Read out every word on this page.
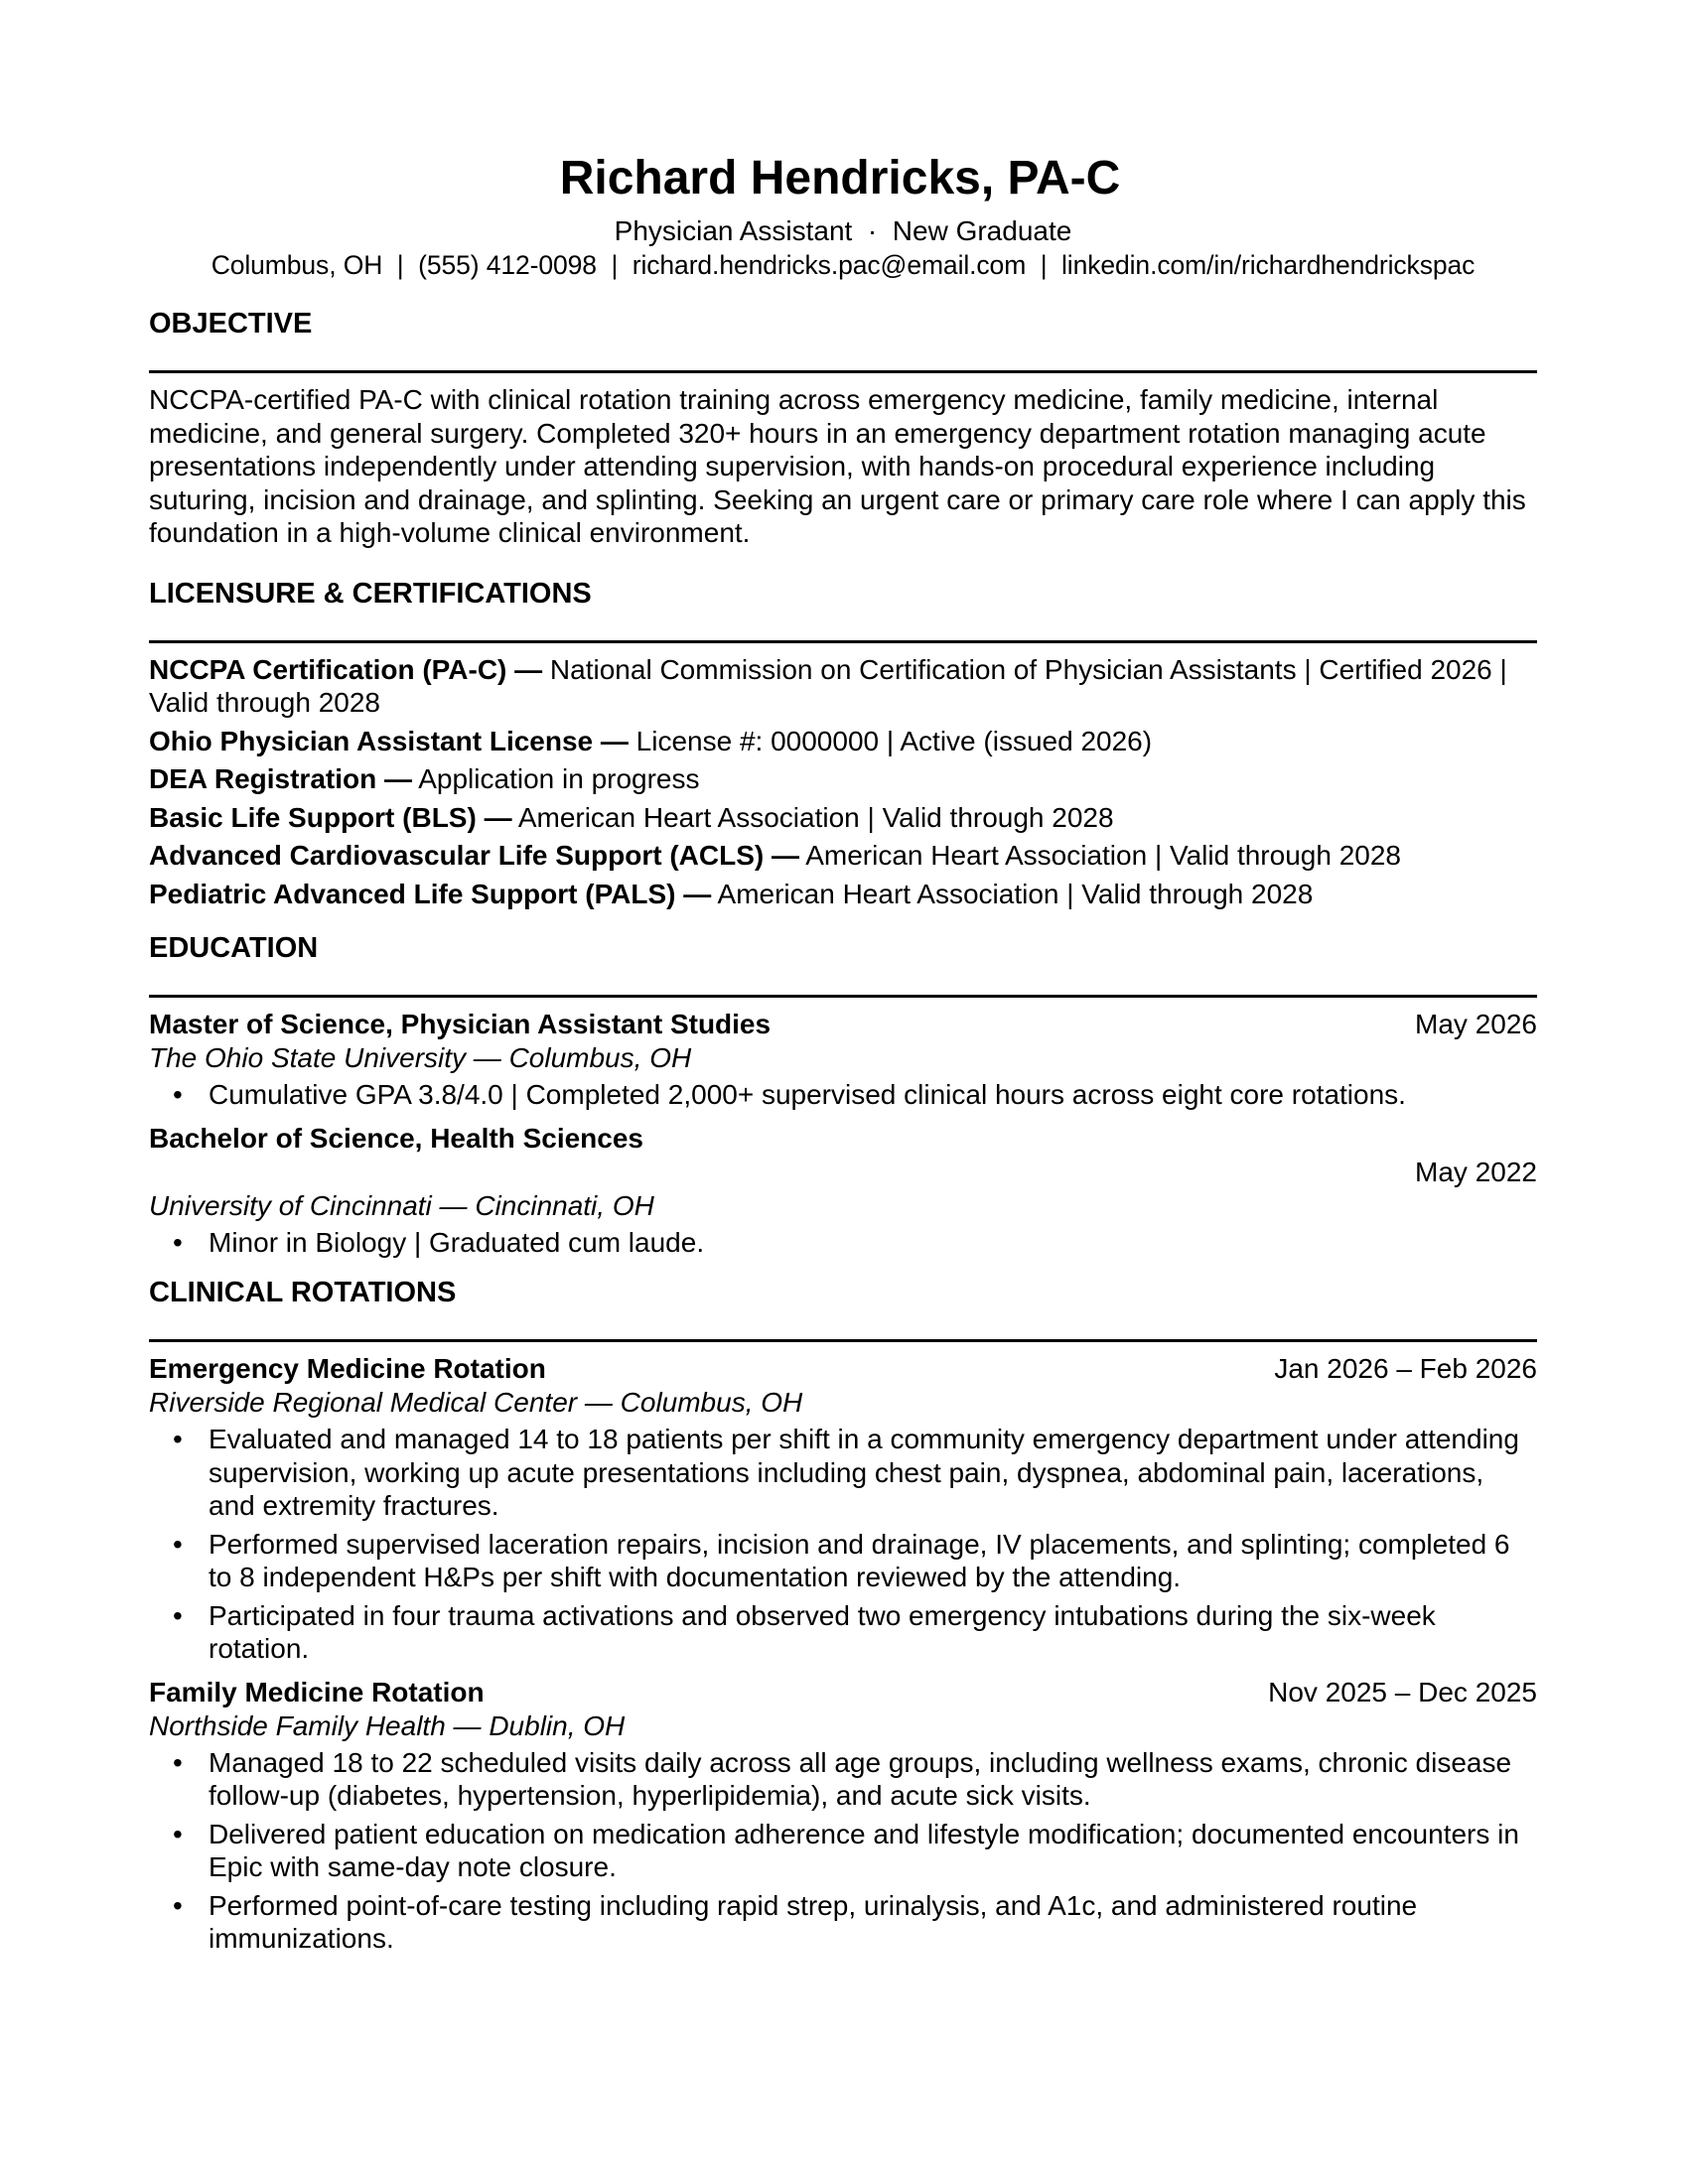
Richard Hendricks, PA-C
Physician Assistant  ·  New Graduate
Columbus, OH  |  (555) 412-0098  |  richard.hendricks.pac@email.com  |  linkedin.com/in/richardhendrickspac
OBJECTIVE
NCCPA-certified PA-C with clinical rotation training across emergency medicine, family medicine, internal medicine, and general surgery. Completed 320+ hours in an emergency department rotation managing acute presentations independently under attending supervision, with hands-on procedural experience including suturing, incision and drainage, and splinting. Seeking an urgent care or primary care role where I can apply this foundation in a high-volume clinical environment.
LICENSURE & CERTIFICATIONS
NCCPA Certification (PA-C) — National Commission on Certification of Physician Assistants | Certified 2026 | Valid through 2028
Ohio Physician Assistant License — License #: 0000000 | Active (issued 2026)
DEA Registration — Application in progress
Basic Life Support (BLS) — American Heart Association | Valid through 2028
Advanced Cardiovascular Life Support (ACLS) — American Heart Association | Valid through 2028
Pediatric Advanced Life Support (PALS) — American Heart Association | Valid through 2028
EDUCATION
Master of Science, Physician Assistant Studies	May 2026
The Ohio State University — Columbus, OH
• Cumulative GPA 3.8/4.0 | Completed 2,000+ supervised clinical hours across eight core rotations.
Bachelor of Science, Health Sciences
May 2022
University of Cincinnati — Cincinnati, OH
• Minor in Biology | Graduated cum laude.
CLINICAL ROTATIONS
Emergency Medicine Rotation	Jan 2026 – Feb 2026
Riverside Regional Medical Center — Columbus, OH
• Evaluated and managed 14 to 18 patients per shift in a community emergency department under attending supervision, working up acute presentations including chest pain, dyspnea, abdominal pain, lacerations, and extremity fractures.
• Performed supervised laceration repairs, incision and drainage, IV placements, and splinting; completed 6 to 8 independent H&Ps per shift with documentation reviewed by the attending.
• Participated in four trauma activations and observed two emergency intubations during the six-week rotation.
Family Medicine Rotation	Nov 2025 – Dec 2025
Northside Family Health — Dublin, OH
• Managed 18 to 22 scheduled visits daily across all age groups, including wellness exams, chronic disease follow-up (diabetes, hypertension, hyperlipidemia), and acute sick visits.
• Delivered patient education on medication adherence and lifestyle modification; documented encounters in Epic with same-day note closure.
• Performed point-of-care testing including rapid strep, urinalysis, and A1c, and administered routine immunizations.
